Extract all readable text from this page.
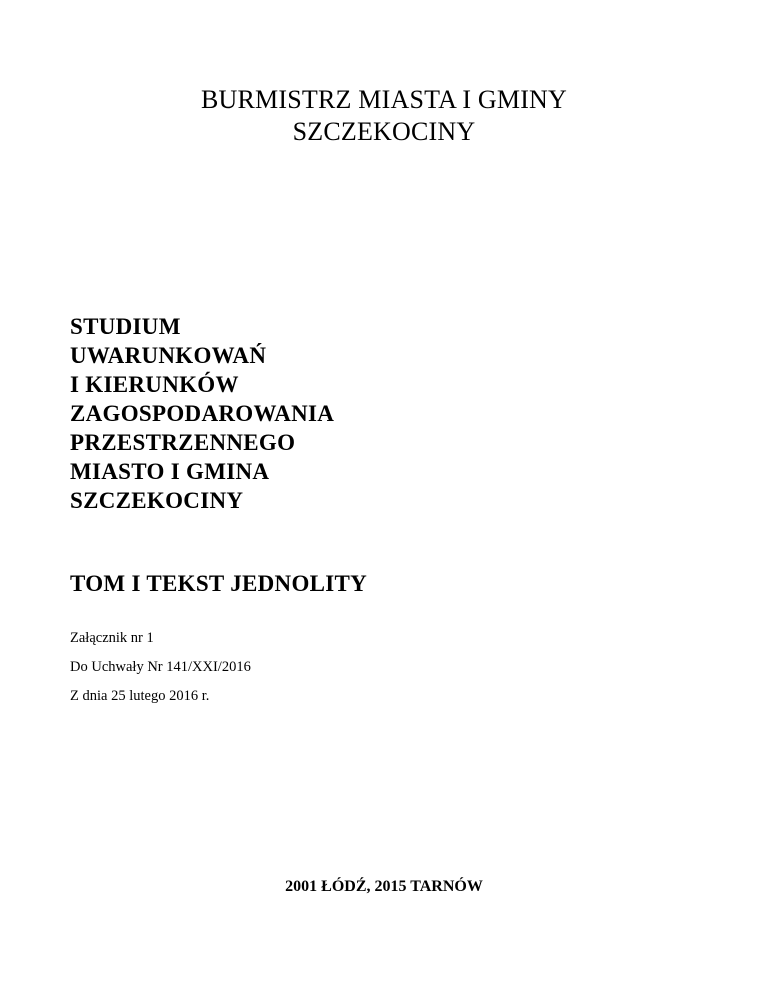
BURMISTRZ MIASTA I GMINY
SZCZEKOCINY
STUDIUM
UWARUNKOWAŃ
I KIERUNKÓW
ZAGOSPODAROWANIA
PRZESTRZENNEGO
MIASTO I GMINA
SZCZEKOCINY
TOM I TEKST JEDNOLITY
Załącznik nr 1
Do Uchwały Nr 141/XXI/2016
Z dnia 25 lutego 2016 r.
2001 ŁÓDŹ, 2015 TARNÓW
